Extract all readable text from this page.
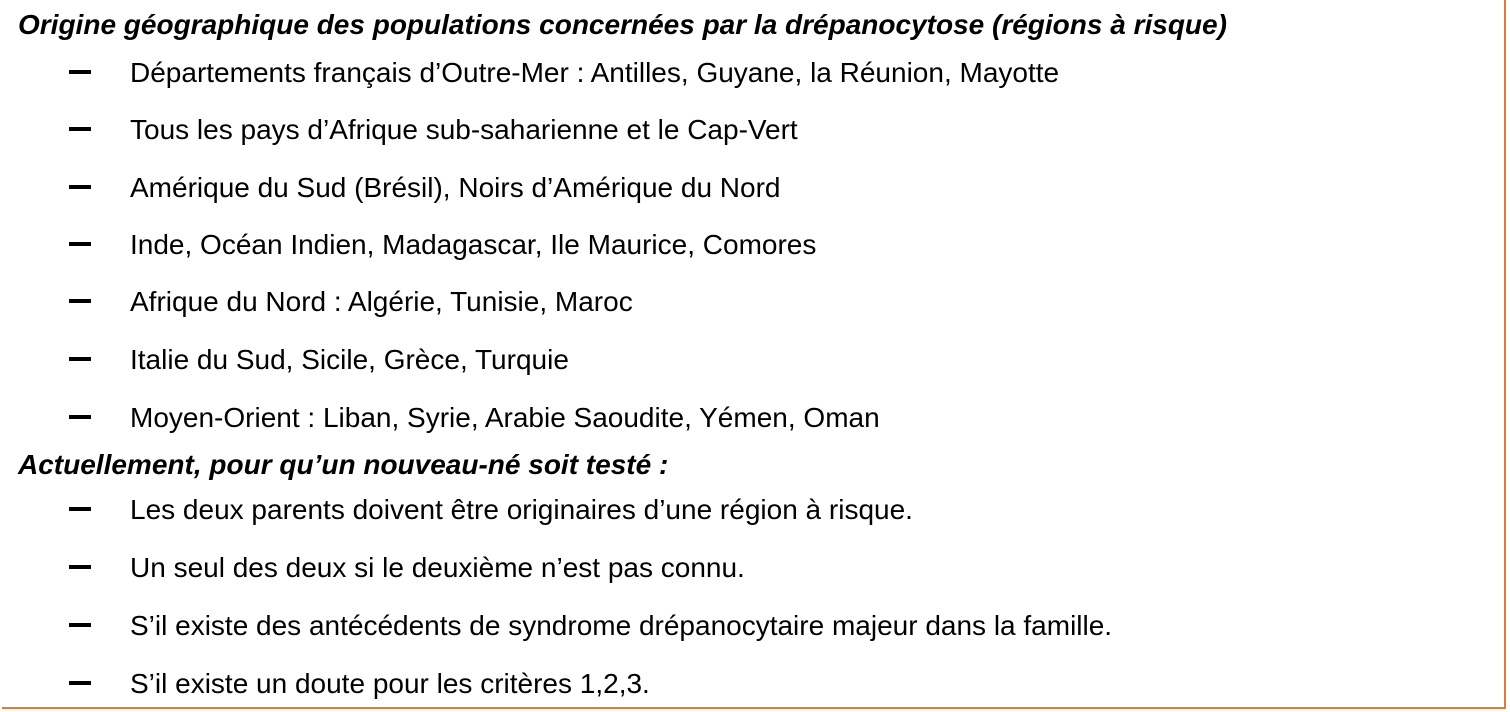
Origine géographique des populations concernées par la drépanocytose (régions à risque)
Départements français d’Outre-Mer : Antilles, Guyane, la Réunion, Mayotte
Tous les pays d’Afrique sub-saharienne et le Cap-Vert
Amérique du Sud (Brésil), Noirs d’Amérique du Nord
Inde, Océan Indien, Madagascar, Ile Maurice, Comores
Afrique du Nord : Algérie, Tunisie, Maroc
Italie du Sud, Sicile, Grèce, Turquie
Moyen-Orient : Liban, Syrie, Arabie Saoudite, Yémen, Oman
Actuellement, pour qu’un nouveau-né soit testé :
Les deux parents doivent être originaires d’une région à risque.
Un seul des deux si le deuxième n’est pas connu.
S’il existe des antécédents de syndrome drépanocytaire majeur dans la famille.
S’il existe un doute pour les critères 1,2,3.
